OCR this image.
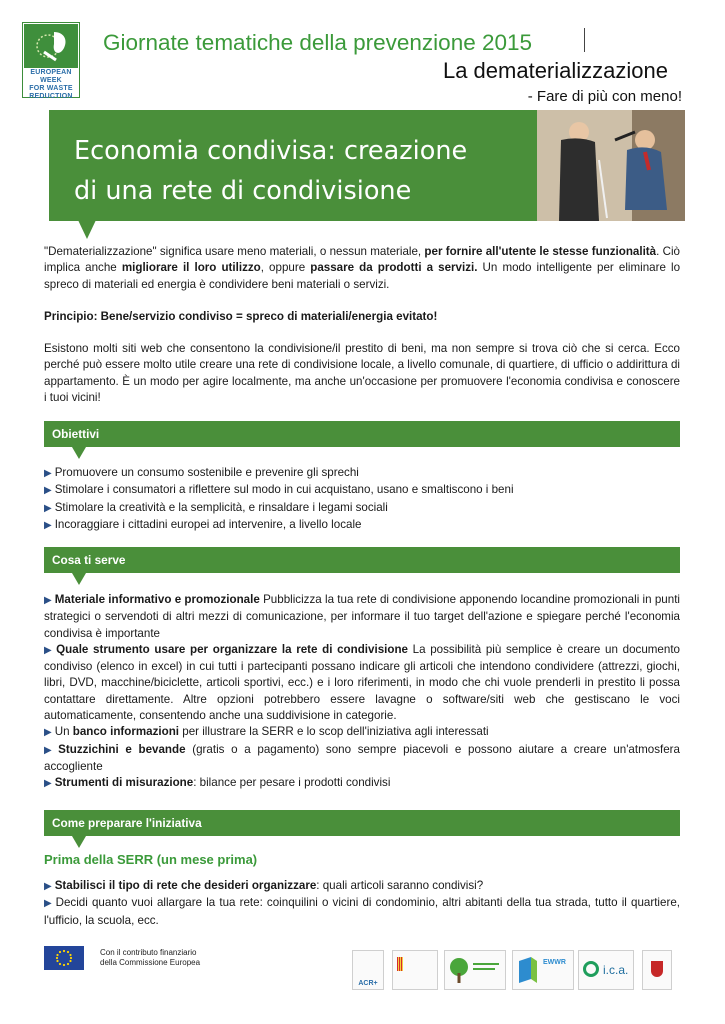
EUROPEAN WEEK
FOR WASTE
REDUCTION
Giornate tematiche della prevenzione 2015
La dematerializzazione
- Fare di più con meno!
Economia condivisa: creazione
di una rete di condivisione

"Dematerializzazione" significa usare meno materiali, o nessun materiale, per fornire all'utente le stesse funzionalità. Ciò implica anche migliorare il loro utilizzo, oppure passare da prodotti a servizi. Un modo intelligente per eliminare lo spreco di materiali ed energia è condividere beni materiali o servizi.

Principio: Bene/servizio condiviso = spreco di materiali/energia evitato!

Esistono molti siti web che consentono la condivisione/il prestito di beni, ma non sempre si trova ciò che si cerca. Ecco perché può essere molto utile creare una rete di condivisione locale, a livello comunale, di quartiere, di ufficio o addirittura di appartamento. È un modo per agire localmente, ma anche un'occasione per promuovere l'economia condivisa e conoscere i tuoi vicini!

Obiettivi
▶ Promuovere un consumo sostenibile e prevenire gli sprechi
▶ Stimolare i consumatori a riflettere sul modo in cui acquistano, usano e smaltiscono i beni
▶ Stimolare la creatività e la semplicità, e rinsaldare i legami sociali
▶ Incoraggiare i cittadini europei ad intervenire, a livello locale
Cosa ti serve

▶ Materiale informativo e promozionale Pubblicizza la tua rete di condivisione apponendo locandine promozionali in punti strategici o servendoti di altri mezzi di comunicazione, per informare il tuo target dell'azione e spiegare perché l'economia condivisa è importante

▶ Quale strumento usare per organizzare la rete di condivisione La possibilità più semplice è creare un documento condiviso (elenco in excel) in cui tutti i partecipanti possano indicare gli articoli che intendono condividere (attrezzi, giochi, libri, DVD, macchine/biciclette, articoli sportivi, ecc.) e i loro riferimenti, in modo che chi vuole prenderli in prestito li possa contattare direttamente. Altre opzioni potrebbero essere lavagne o software/siti web che gestiscano le voci automaticamente, consentendo anche una suddivisione in categorie.

▶ Un banco informazioni per illustrare la SERR e lo scop dell'iniziativa agli interessati

▶ Stuzzichini e bevande (gratis o a pagamento) sono sempre piacevoli e possono aiutare a creare un'atmosfera accogliente

▶ Strumenti di misurazione: bilance per pesare i prodotti condivisi

Come preparare l'iniziativa
Prima della SERR (un mese prima)

▶ Stabilisci il tipo di rete che desideri organizzare: quali articoli saranno condivisi?

▶ Decidi quanto vuoi allargare la tua rete: coinquilini o vicini di condominio, altri abitanti della tua strada, tutto il quartiere, l'ufficio, la scuola, ecc.

Con il contributo finanziario
della Commissione Europea
ACR+
EWWR
i.c.a.
